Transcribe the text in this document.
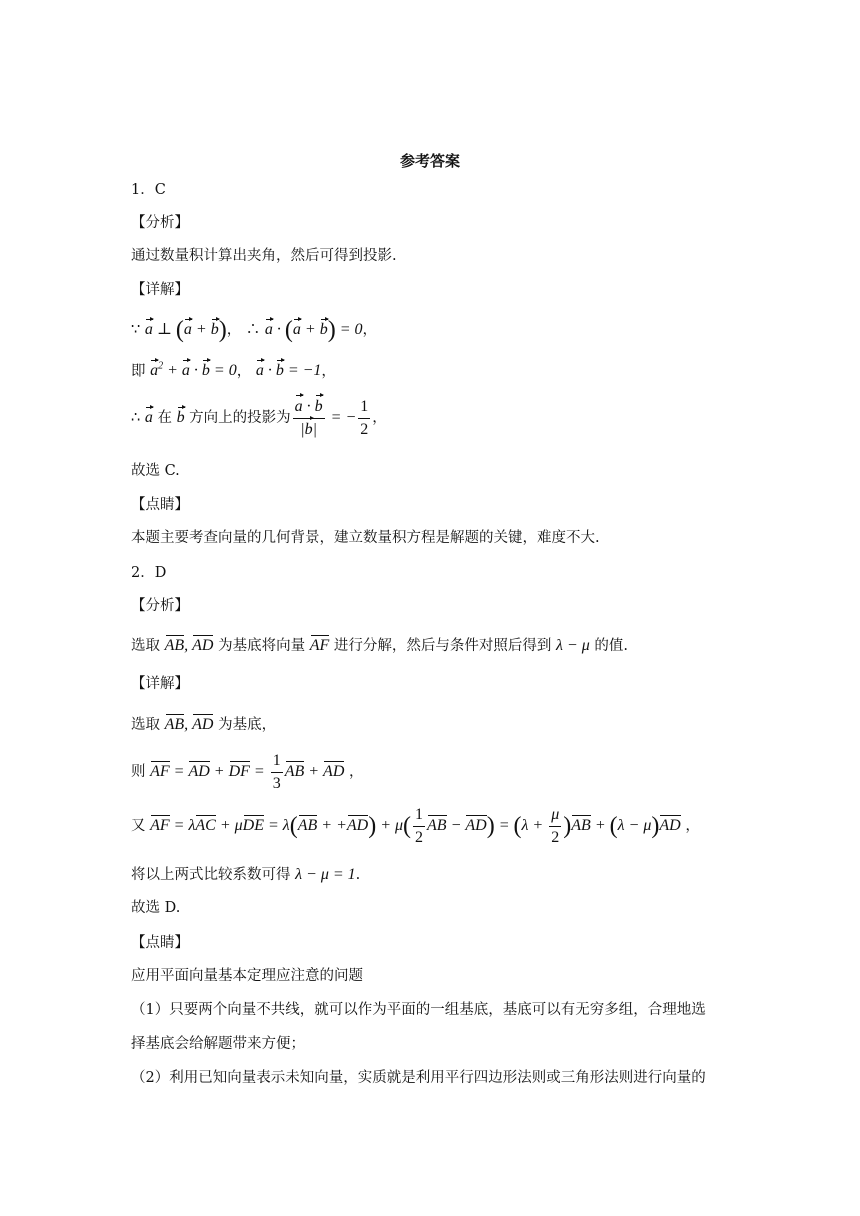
参考答案
1．C
【分析】
通过数量积计算出夹角，然后可得到投影.
【详解】
∵ a ⊥ (a + b)， ∴ a · (a + b) = 0，
即 $a^2 + a \cdot b = 0$， a · b = −1，
∴ a 在 b 方向上的投影为 $\frac{a \cdot b}{|b|}$ = − $\frac{1}{2}$ ，
故选 C.
【点睛】
本题主要考查向量的几何背景，建立数量积方程是解题的关键，难度不大.
2．D
【分析】
选取 AB, AD 为基底将向量 AF 进行分解，然后与条件对照后得到 λ − μ 的值.
【详解】
选取 AB, AD 为基底，
则 AF = AD + DF = $\frac{1}{3}$ AB + AD ，
又 AF = $\lambda AC + \mu DE = \lambda(AB + +AD) + \mu( \frac{1}{2}$ AB − $AD) = (\lambda + \frac{\mu}{2} )AB + (\lambda - \mu)AD$ ，
将以上两式比较系数可得 λ − μ = 1.
故选 D.
【点睛】
应用平面向量基本定理应注意的问题
（1）只要两个向量不共线，就可以作为平面的一组基底，基底可以有无穷多组，合理地选
择基底会给解题带来方便；
（2）利用已知向量表示未知向量，实质就是利用平行四边形法则或三角形法则进行向量的
